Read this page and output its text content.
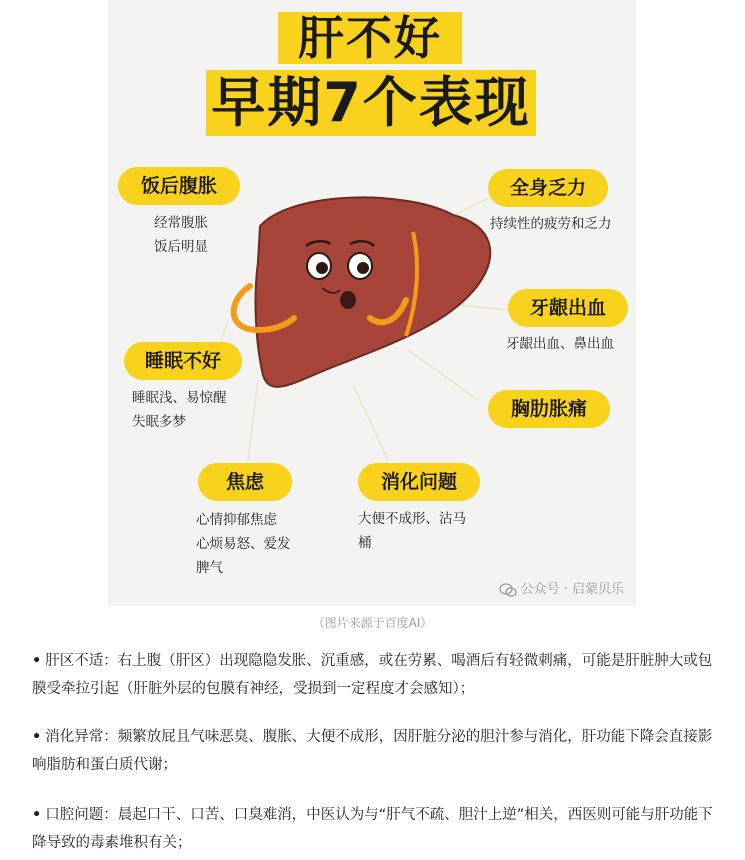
肝不好
早期7个表现
饭后腹胀
经常腹胀
饭后明显
全身乏力
持续性的疲劳和乏力
牙龈出血
牙龈出血、鼻出血
睡眠不好
睡眠浅、易惊醒
失眠多梦
胸肋胀痛
焦虑
心情抑郁焦虑
心烦易怒、爱发
脾气
消化问题
大便不成形、沾马
桶
公众号 · 启蒙贝乐
（图片来源于百度AI）
• 肝区不适：右上腹（肝区）出现隐隐发胀、沉重感，或在劳累、喝酒后有轻微刺痛，可能是肝脏肿大或包膜受牵拉引起（肝脏外层的包膜有神经，受损到一定程度才会感知）；
• 消化异常：频繁放屁且气味恶臭、腹胀、大便不成形，因肝脏分泌的胆汁参与消化，肝功能下降会直接影响脂肪和蛋白质代谢；
• 口腔问题：晨起口干、口苦、口臭难消，中医认为与“肝气不疏、胆汁上逆”相关，西医则可能与肝功能下降导致的毒素堆积有关；
